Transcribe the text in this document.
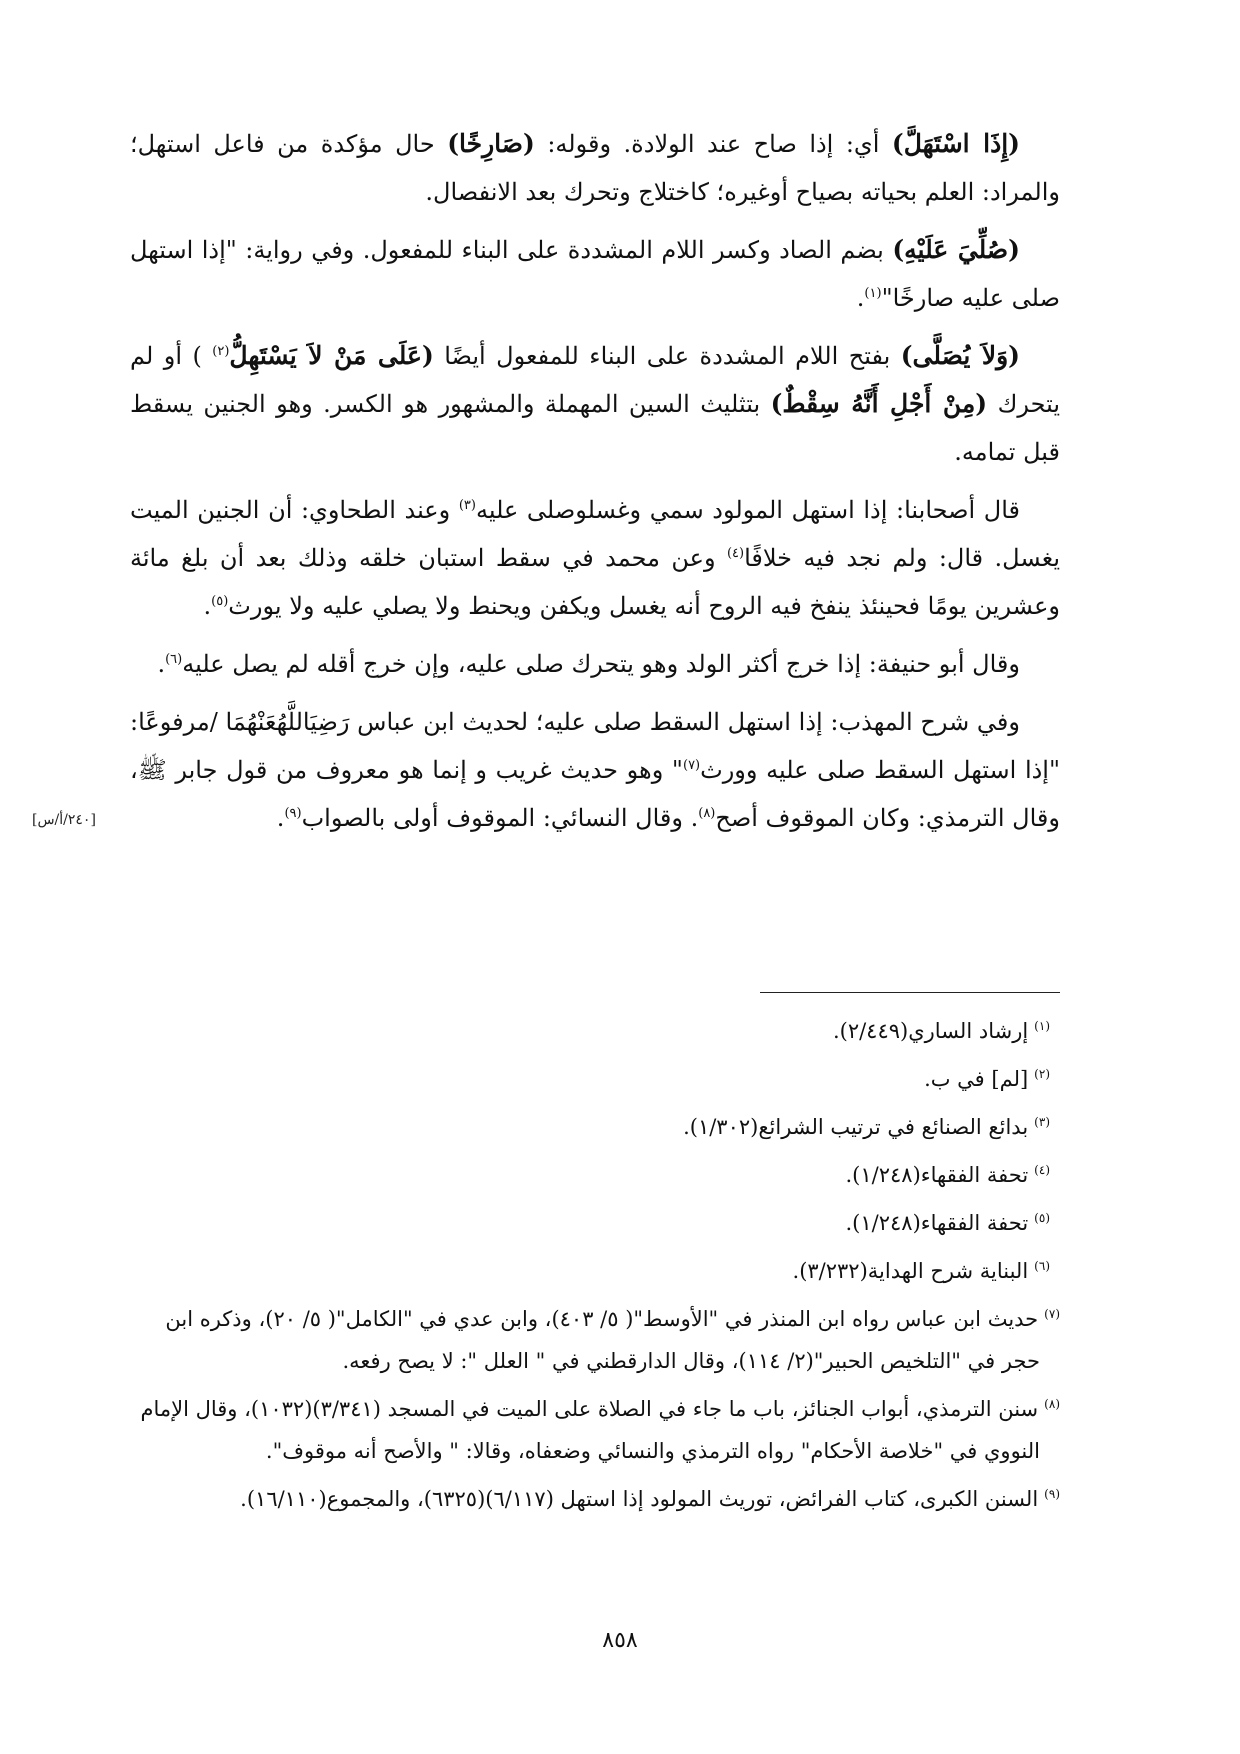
(إِذَا اسْتَهَلَّ) أي: إذا صاح عند الولادة. وقوله: (صَارِخًا) حال مؤكدة من فاعل استهل؛ والمراد: العلم بحياته بصياح أوغيره؛ كاختلاج وتحرك بعد الانفصال.

(صُلِّيَ عَلَيْهِ) بضم الصاد وكسر اللام المشددة على البناء للمفعول. وفي رواية: "إذا استهل صلى عليه صارخًا"$^{(١)}$.

(وَلاَ يُصَلَّى) بفتح اللام المشددة على البناء للمفعول أيضًا (عَلَى مَنْ لاَ يَسْتَهِلُّ$^{(٢)}$ ) أو لم يتحرك (مِنْ أَجْلِ أَنَّهُ سِقْطٌ) بتثليث السين المهملة والمشهور هو الكسر. وهو الجنين يسقط قبل تمامه.

قال أصحابنا: إذا استهل المولود سمي وغسلوصلى عليه$^{(٣)}$ وعند الطحاوي: أن الجنين الميت يغسل. قال: ولم نجد فيه خلافًا$^{(٤)}$ وعن محمد في سقط استبان خلقه وذلك بعد أن بلغ مائة وعشرين يومًا فحينئذ ينفخ فيه الروح أنه يغسل ويكفن ويحنط ولا يصلي عليه ولا يورث$^{(٥)}$.

وقال أبو حنيفة: إذا خرج أكثر الولد وهو يتحرك صلى عليه، وإن خرج أقله لم يصل عليه$^{(٦)}$.

وفي شرح المهذب: إذا استهل السقط صلى عليه؛ لحديث ابن عباس رَضِيَاللَّهُعَنْهُمَا /مرفوعًا: "إذا استهل السقط صلى عليه وورث$^{(٧)}$" وهو حديث غريب و إنما هو معروف من قول جابر ﷺ، وقال الترمذي: وكان الموقوف أصح$^{(٨)}$. وقال النسائي: الموقوف أولى بالصواب$^{(٩)}$.

[٢٤٠/أ/س]
$^{(١)}$إرشاد الساري(٢/٤٤٩).
$^{(٢)}$[لم] في ب.
$^{(٣)}$بدائع الصنائع في ترتيب الشرائع(١/٣٠٢).
$^{(٤)}$تحفة الفقهاء(١/٢٤٨).
$^{(٥)}$تحفة الفقهاء(١/٢٤٨).
$^{(٦)}$البناية شرح الهداية(٣/٢٣٢).
$^{(٧)}$حديث ابن عباس رواه ابن المنذر في "الأوسط"( ٥/ ٤٠٣)، وابن عدي في "الكامل"( ٥/ ٢٠)، وذكره ابن حجر في "التلخيص الحبير"(٢/ ١١٤)، وقال الدارقطني في " العلل ": لا يصح رفعه.
$^{(٨)}$سنن الترمذي، أبواب الجنائز، باب ما جاء في الصلاة على الميت في المسجد (٣/٣٤١)(١٠٣٢)، وقال الإمام النووي في "خلاصة الأحكام" رواه الترمذي والنسائي وضعفاه، وقالا: " والأصح أنه موقوف".
$^{(٩)}$السنن الكبرى، كتاب الفرائض، توريث المولود إذا استهل (٦/١١٧)(٦٣٢٥)، والمجموع(١٦/١١٠).
٨٥٨
